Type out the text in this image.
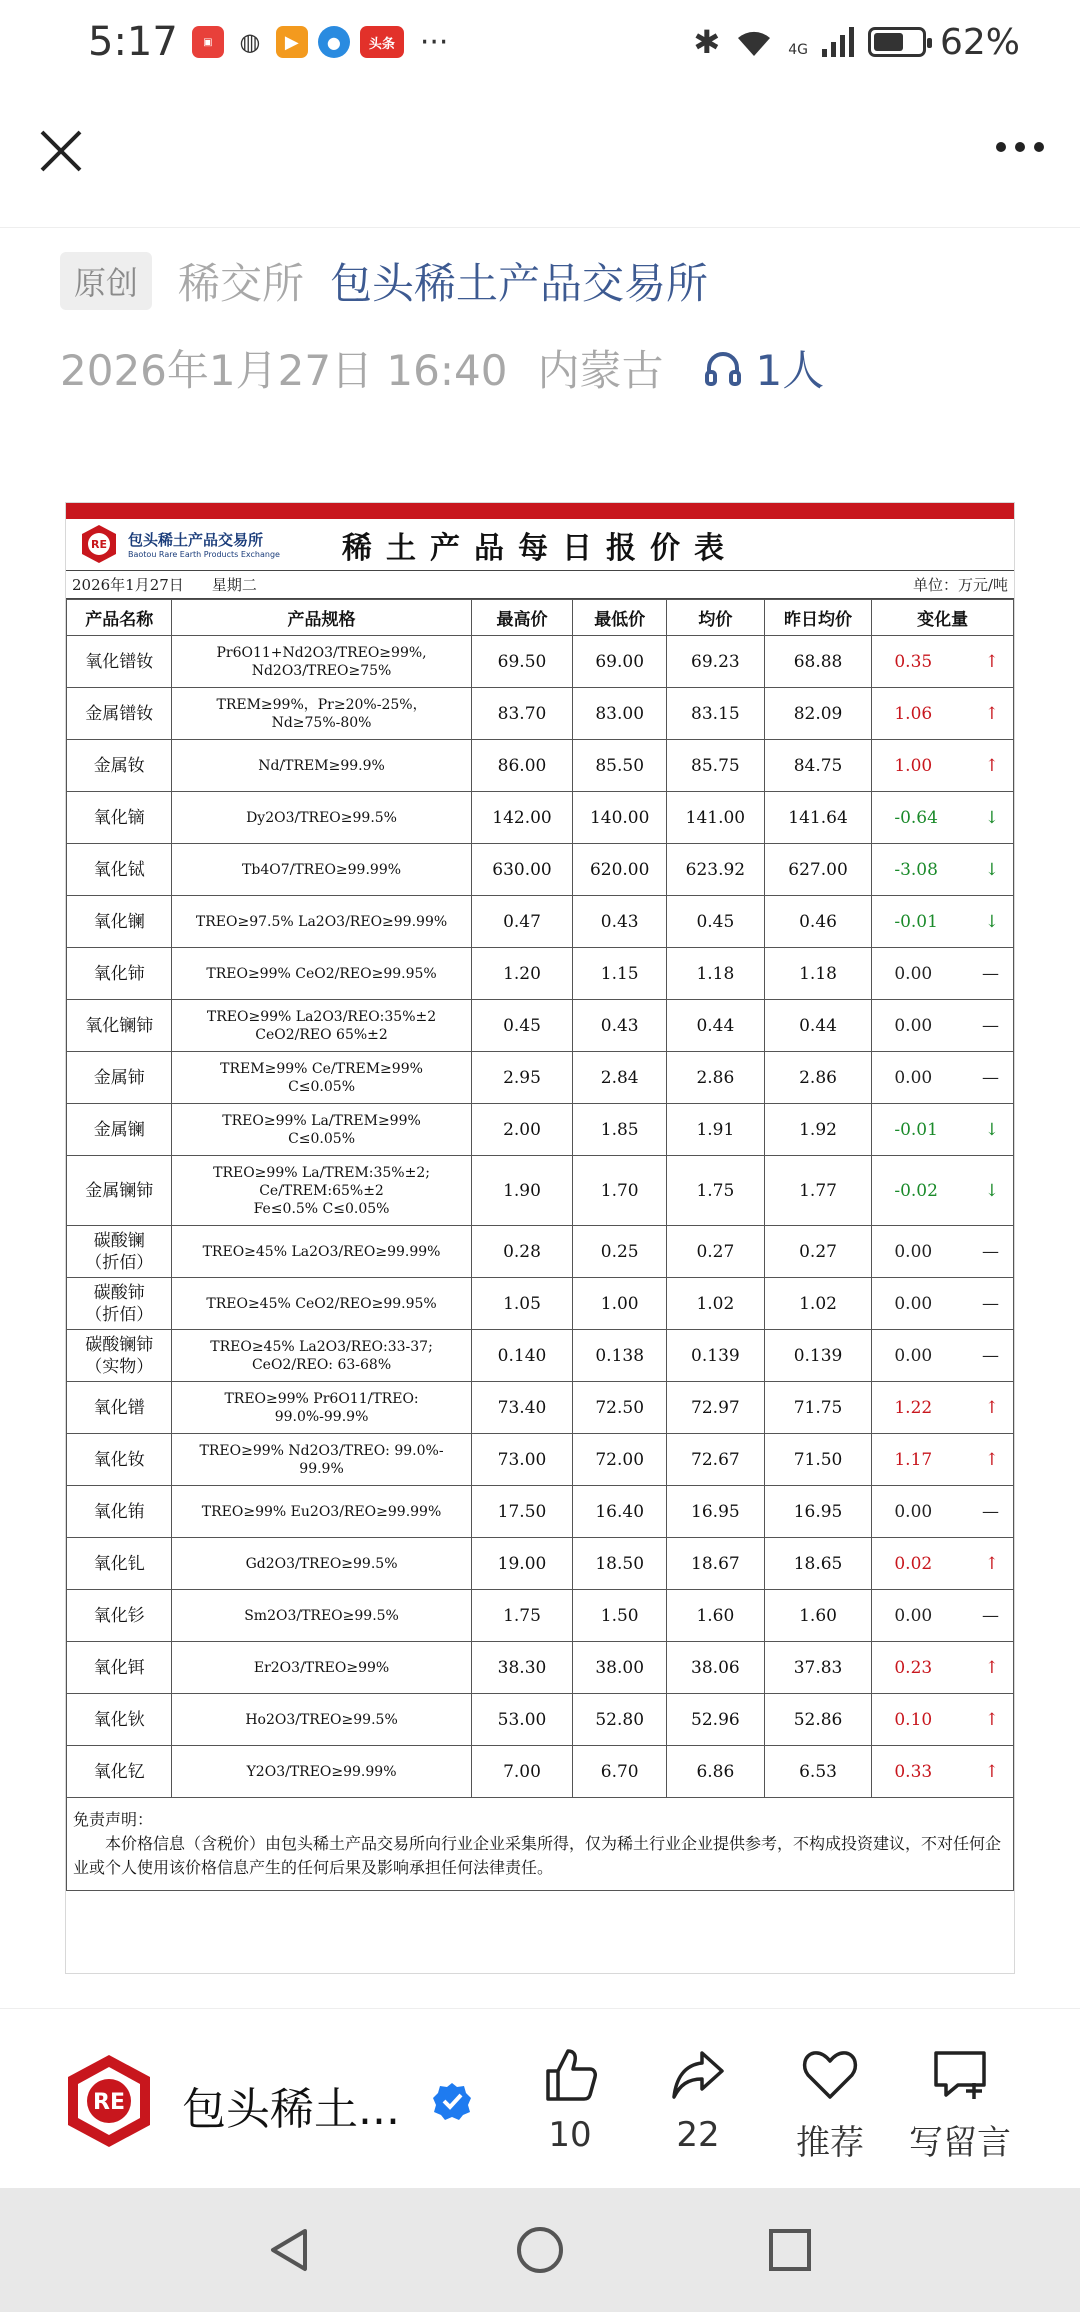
5:17	▣	◍	▶	●	头条 ···	✱	4G	62%
原创 稀交所 包头稀土产品交易所
2026年1月27日 16:40 内蒙古 1人
RE 包头稀土产品交易所
Baotou Rare Earth Products Exchange	稀土产品每日报价表
2026年1月27日 星期二	单位：万元/吨
产品名称	产品规格	最高价	最低价	均价	昨日均价	变化量
氧化镨钕	Pr6O11+Nd2O3/TREO≥99%,
Nd2O3/TREO≥75%	69.50	69.00	69.23	68.88	0.35 ↑

金属镨钕	TREM≥99%，Pr≥20%-25%，
Nd≥75%-80%	83.70	83.00	83.15	82.09	1.06 ↑

金属钕	Nd/TREM≥99.9%	86.00	85.50	85.75	84.75	1.00 ↑

氧化镝	Dy2O3/TREO≥99.5%	142.00	140.00	141.00	141.64	-0.64 ↓

氧化铽	Tb4O7/TREO≥99.99%	630.00	620.00	623.92	627.00	-3.08 ↓

氧化镧	TREO≥97.5% La2O3/REO≥99.99%	0.47	0.43	0.45	0.46	-0.01 ↓

氧化铈	TREO≥99% CeO2/REO≥99.95%	1.20	1.15	1.18	1.18	0.00 —

氧化镧铈	TREO≥99% La2O3/REO:35%±2
CeO2/REO 65%±2	0.45	0.43	0.44	0.44	0.00 —

金属铈	TREM≥99% Ce/TREM≥99%
C≤0.05%	2.95	2.84	2.86	2.86	0.00 —

金属镧	TREO≥99% La/TREM≥99%
C≤0.05%	2.00	1.85	1.91	1.92	-0.01 ↓

金属镧铈	TREO≥99% La/TREM:35%±2;
Ce/TREM:65%±2
Fe≤0.5% C≤0.05%	1.90	1.70	1.75	1.77	-0.02 ↓

碳酸镧
（折佰）	TREO≥45% La2O3/REO≥99.99%	0.28	0.25	0.27	0.27	0.00 —

碳酸铈
（折佰）	TREO≥45% CeO2/REO≥99.95%	1.05	1.00	1.02	1.02	0.00 —

碳酸镧铈
（实物）	TREO≥45% La2O3/REO:33-37;
CeO2/REO: 63-68%	0.140	0.138	0.139	0.139	0.00 —

氧化镨	TREO≥99% Pr6O11/TREO:
99.0%-99.9%	73.40	72.50	72.97	71.75	1.22 ↑

氧化钕	TREO≥99% Nd2O3/TREO: 99.0%-
99.9%	73.00	72.00	72.67	71.50	1.17 ↑

氧化铕	TREO≥99% Eu2O3/REO≥99.99%	17.50	16.40	16.95	16.95	0.00 —

氧化钆	Gd2O3/TREO≥99.5%	19.00	18.50	18.67	18.65	0.02 ↑

氧化钐	Sm2O3/TREO≥99.5%	1.75	1.50	1.60	1.60	0.00 —

氧化铒	Er2O3/TREO≥99%	38.30	38.00	38.06	37.83	0.23 ↑

氧化钬	Ho2O3/TREO≥99.5%	53.00	52.80	52.96	52.86	0.10 ↑

氧化钇	Y2O3/TREO≥99.99%	7.00	6.70	6.86	6.53	0.33 ↑
免责声明：
本价格信息（含税价）由包头稀土产品交易所向行业企业采集所得，仅为稀土行业企业提供参考，不构成投资建议，不对任何企业或个人使用该价格信息产生的任何后果及影响承担任何法律责任。
RE 包头稀土...	10	22	推荐	写留言
